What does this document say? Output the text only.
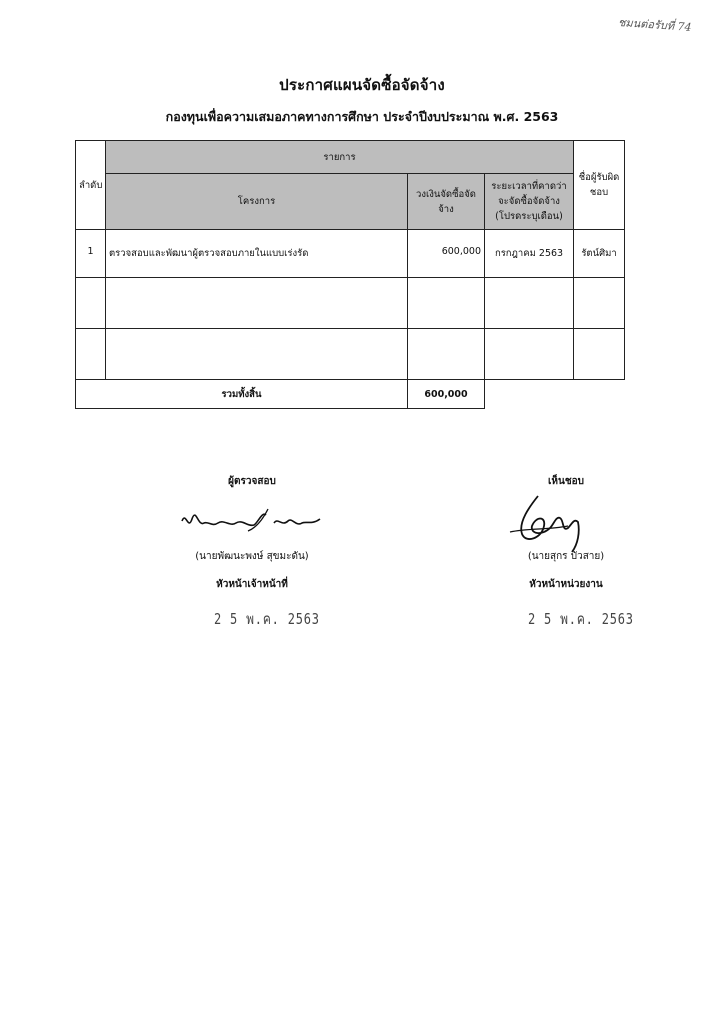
ชมนต่อรับที่ 74
ประกาศแผนจัดซื้อจัดจ้าง
กองทุนเพื่อความเสมอภาคทางการศึกษา ประจำปีงบประมาณ พ.ศ. 2563
ลำดับ	รายการ			ชื่อผู้รับผิดชอบ
	โครงการ	วงเงินจัดซื้อจัดจ้าง	ระยะเวลาที่คาดว่าจะจัดซื้อจัดจ้าง (โปรดระบุเดือน)	
1	ตรวจสอบและพัฒนาผู้ตรวจสอบภายในแบบเร่งรัด	600,000	กรกฎาคม 2563	รัตน์ศิมา

รวมทั้งสิ้น		600,000		
ผู้ตรวจสอบ
(นายพัฒนะพงษ์ สุขมะดัน)
หัวหน้าเจ้าหน้าที่
2 5 พ.ค. 2563
เห็นชอบ
(นายสุกร บัวสาย)
หัวหน้าหน่วยงาน
2 5 พ.ค. 2563
